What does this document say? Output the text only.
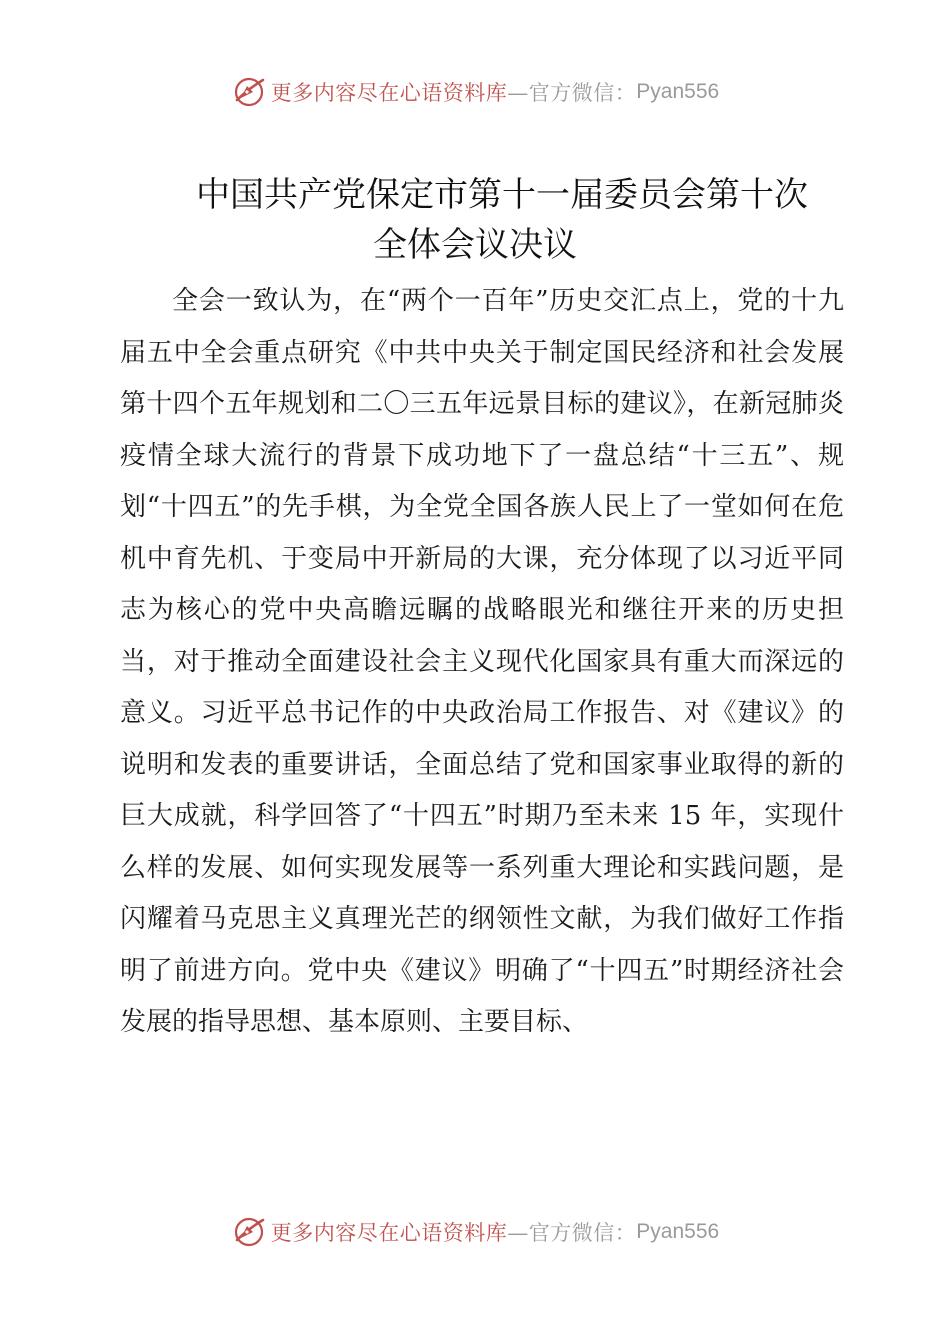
更多内容尽在心语资料库 —官方微信： Pyan556
中国共产党保定市第十一届委员会第十次
全体会议决议

全会一致认为，在“两个一百年”历史交汇点上，党的十九届五中全会重点研究《中共中央关于制定国民经济和社会发展第十四个五年规划和二〇三五年远景目标的建议》，在新冠肺炎疫情全球大流行的背景下成功地下了一盘总结“十三五”、规划“十四五”的先手棋，为全党全国各族人民上了一堂如何在危机中育先机、于变局中开新局的大课，充分体现了以习近平同志为核心的党中央高瞻远瞩的战略眼光和继往开来的历史担当，对于推动全面建设社会主义现代化国家具有重大而深远的意义。习近平总书记作的中央政治局工作报告、对《建议》的说明和发表的重要讲话，全面总结了党和国家事业取得的新的巨大成就，科学回答了“十四五”时期乃至未来 15 年，实现什么样的发展、如何实现发展等一系列重大理论和实践问题，是闪耀着马克思主义真理光芒的纲领性文献，为我们做好工作指明了前进方向。党中央《建议》明确了“十四五”时期经济社会发展的指导思想、基本原则、主要目标、

更多内容尽在心语资料库 —官方微信： Pyan556
